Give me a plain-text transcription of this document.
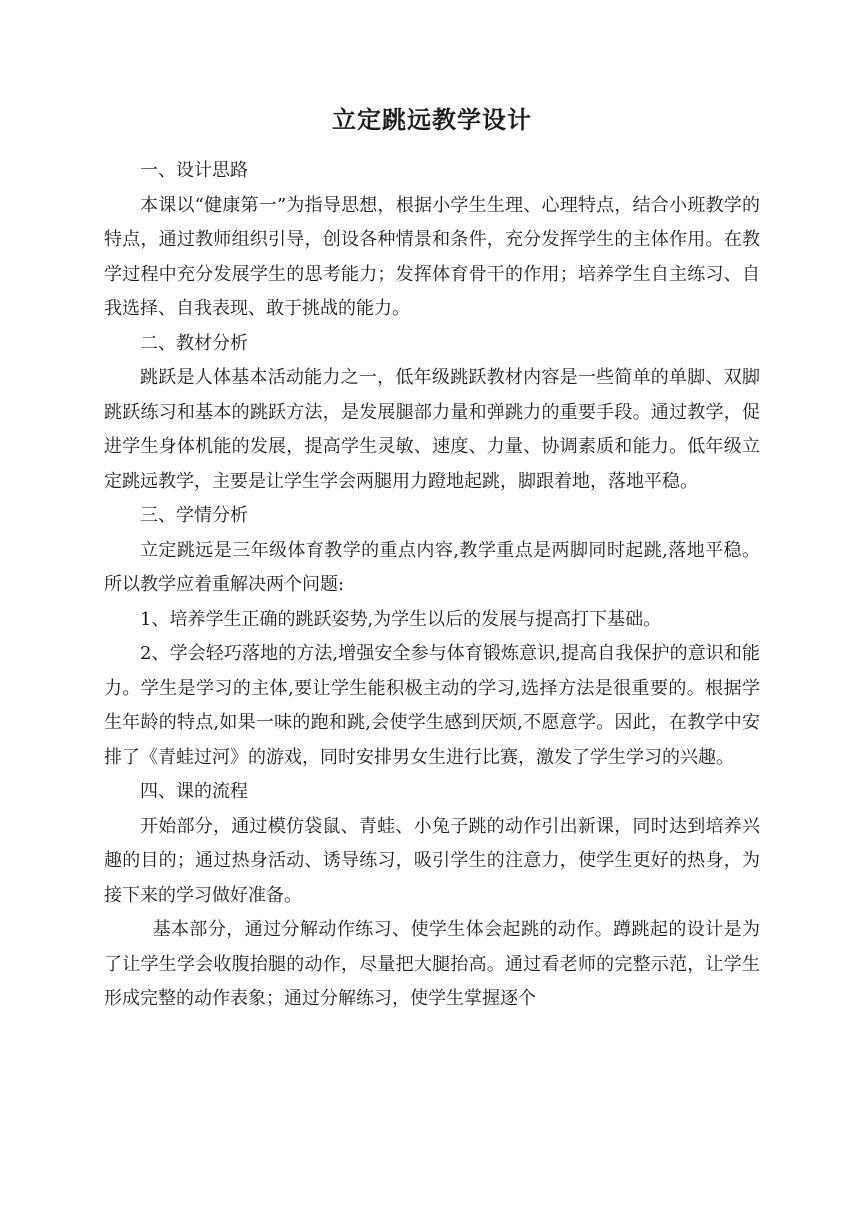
立定跳远教学设计

一、设计思路

本课以“健康第一”为指导思想，根据小学生生理、心理特点，结合小班教学的特点，通过教师组织引导，创设各种情景和条件，充分发挥学生的主体作用。在教学过程中充分发展学生的思考能力；发挥体育骨干的作用；培养学生自主练习、自我选择、自我表现、敢于挑战的能力。

二、教材分析

跳跃是人体基本活动能力之一，低年级跳跃教材内容是一些简单的单脚、双脚跳跃练习和基本的跳跃方法，是发展腿部力量和弹跳力的重要手段。通过教学，促进学生身体机能的发展，提高学生灵敏、速度、力量、协调素质和能力。低年级立定跳远教学，主要是让学生学会两腿用力蹬地起跳，脚跟着地，落地平稳。

三、学情分析

立定跳远是三年级体育教学的重点内容,教学重点是两脚同时起跳,落地平稳。所以教学应着重解决两个问题:

1、培养学生正确的跳跃姿势,为学生以后的发展与提高打下基础。

2、学会轻巧落地的方法,增强安全参与体育锻炼意识,提高自我保护的意识和能力。学生是学习的主体,要让学生能积极主动的学习,选择方法是很重要的。根据学生年龄的特点,如果一味的跑和跳,会使学生感到厌烦,不愿意学。因此，在教学中安排了《青蛙过河》的游戏，同时安排男女生进行比赛，激发了学生学习的兴趣。

四、课的流程

开始部分，通过模仿袋鼠、青蛙、小兔子跳的动作引出新课，同时达到培养兴趣的目的；通过热身活动、诱导练习，吸引学生的注意力，使学生更好的热身，为接下来的学习做好准备。

基本部分，通过分解动作练习、使学生体会起跳的动作。蹲跳起的设计是为了让学生学会收腹抬腿的动作，尽量把大腿抬高。通过看老师的完整示范，让学生形成完整的动作表象；通过分解练习，使学生掌握逐个
